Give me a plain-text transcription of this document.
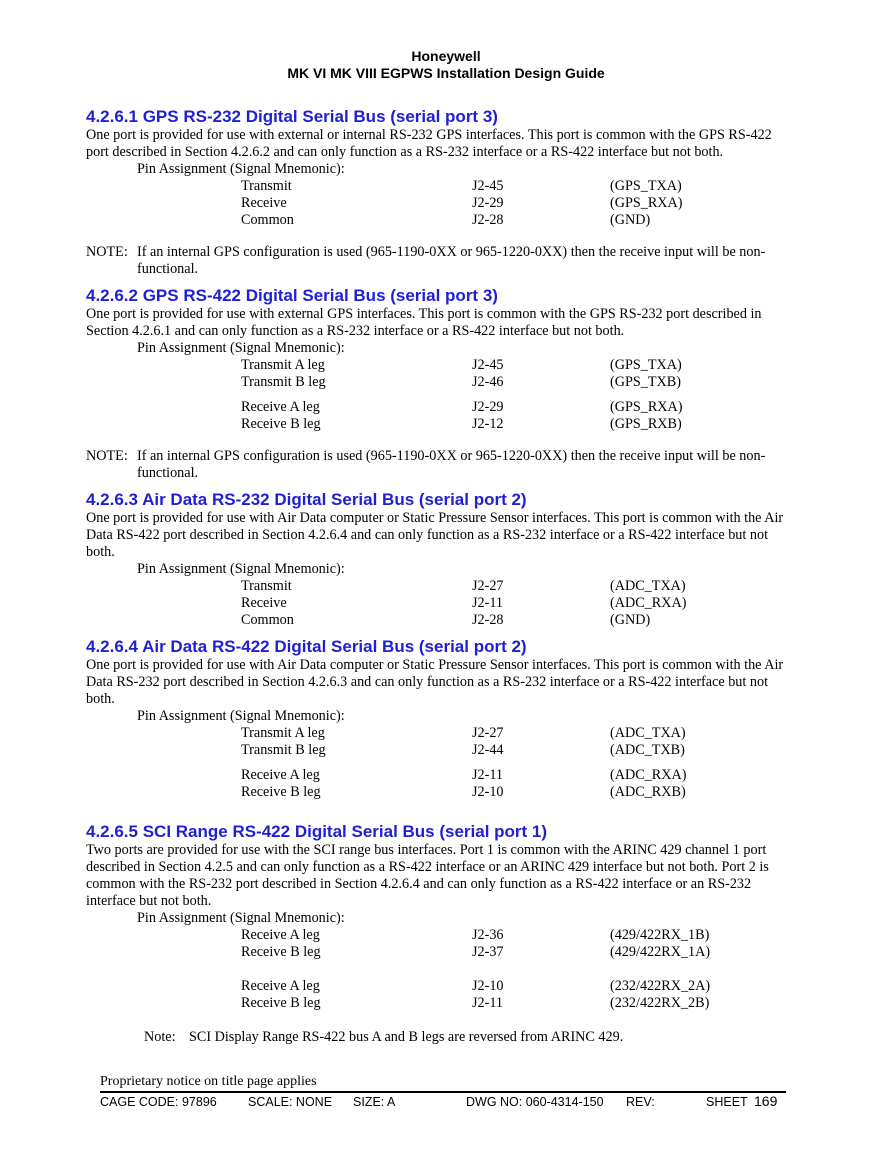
Honeywell
MK VI MK VIII EGPWS Installation Design Guide
4.2.6.1 GPS RS-232 Digital Serial Bus (serial port 3)

One port is provided for use with external or internal RS-232 GPS interfaces. This port is common with the GPS RS-422 port described in Section 4.2.6.2 and can only function as a RS-232 interface or a RS-422 interface but not both.

Pin Assignment (Signal Mnemonic):
Transmit	J2-45	(GPS_TXA)
Receive	J2-29	(GPS_RXA)
Common	J2-28	(GND)
NOTE: If an internal GPS configuration is used (965-1190-0XX or 965-1220-0XX) then the receive input will be non-functional.
4.2.6.2 GPS RS-422 Digital Serial Bus (serial port 3)

One port is provided for use with external GPS interfaces. This port is common with the GPS RS-232 port described in Section 4.2.6.1 and can only function as a RS-232 interface or a RS-422 interface but not both.

Pin Assignment (Signal Mnemonic):
Transmit A leg	J2-45	(GPS_TXA)
Transmit B leg	J2-46	(GPS_TXB)

Receive A leg	J2-29	(GPS_RXA)
Receive B leg	J2-12	(GPS_RXB)
NOTE: If an internal GPS configuration is used (965-1190-0XX or 965-1220-0XX) then the receive input will be non-functional.
4.2.6.3 Air Data RS-232 Digital Serial Bus (serial port 2)

One port is provided for use with Air Data computer or Static Pressure Sensor interfaces. This port is common with the Air Data RS-422 port described in Section 4.2.6.4 and can only function as a RS-232 interface or a RS-422 interface but not both.

Pin Assignment (Signal Mnemonic):
Transmit	J2-27	(ADC_TXA)
Receive	J2-11	(ADC_RXA)
Common	J2-28	(GND)
4.2.6.4 Air Data RS-422 Digital Serial Bus (serial port 2)

One port is provided for use with Air Data computer or Static Pressure Sensor interfaces. This port is common with the Air Data RS-232 port described in Section 4.2.6.3 and can only function as a RS-232 interface or a RS-422 interface but not both.

Pin Assignment (Signal Mnemonic):
Transmit A leg	J2-27	(ADC_TXA)
Transmit B leg	J2-44	(ADC_TXB)

Receive A leg	J2-11	(ADC_RXA)
Receive B leg	J2-10	(ADC_RXB)
4.2.6.5 SCI Range RS-422 Digital Serial Bus (serial port 1)

Two ports are provided for use with the SCI range bus interfaces. Port 1 is common with the ARINC 429 channel 1 port described in Section 4.2.5 and can only function as a RS-422 interface or an ARINC 429 interface but not both. Port 2 is common with the RS-232 port described in Section 4.2.6.4 and can only function as a RS-422 interface or an RS-232 interface but not both.

Pin Assignment (Signal Mnemonic):
Receive A leg	J2-36	(429/422RX_1B)
Receive B leg	J2-37	(429/422RX_1A)

Receive A leg	J2-10	(232/422RX_2A)
Receive B leg	J2-11	(232/422RX_2B)
Note: SCI Display Range RS-422 bus A and B legs are reversed from ARINC 429.
Proprietary notice on title page applies
CAGE CODE: 97896	SCALE: NONE SIZE: A	DWG NO: 060-4314-150 REV:	SHEET 169
